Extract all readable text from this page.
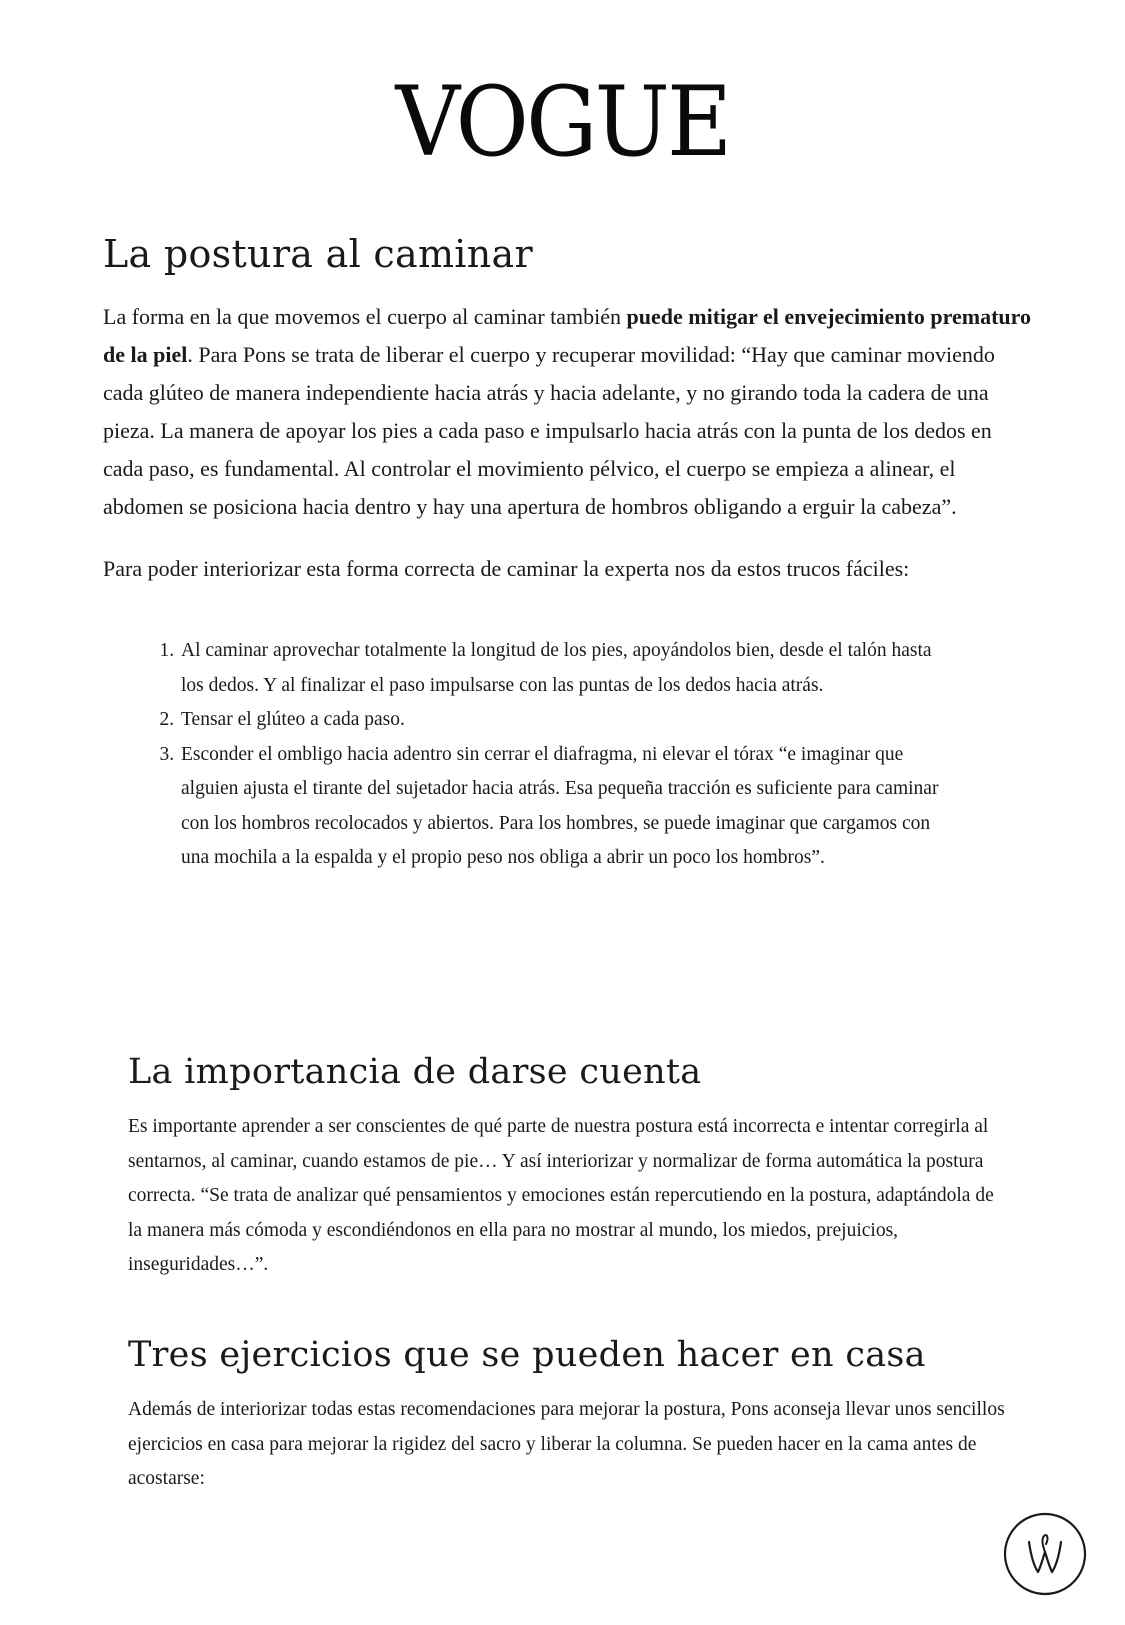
VOGUE
La postura al caminar

La forma en la que movemos el cuerpo al caminar también puede mitigar el envejecimiento prematuro de la piel. Para Pons se trata de liberar el cuerpo y recuperar movilidad: “Hay que caminar moviendo cada glúteo de manera independiente hacia atrás y hacia adelante, y no girando toda la cadera de una pieza. La manera de apoyar los pies a cada paso e impulsarlo hacia atrás con la punta de los dedos en cada paso, es fundamental. Al controlar el movimiento pélvico, el cuerpo se empieza a alinear, el abdomen se posiciona hacia dentro y hay una apertura de hombros obligando a erguir la cabeza”.

Para poder interiorizar esta forma correcta de caminar la experta nos da estos trucos fáciles:

1. Al caminar aprovechar totalmente la longitud de los pies, apoyándolos bien, desde el talón hasta los dedos. Y al finalizar el paso impulsarse con las puntas de los dedos hacia atrás.
2. Tensar el glúteo a cada paso.
3. Esconder el ombligo hacia adentro sin cerrar el diafragma, ni elevar el tórax “e imaginar que alguien ajusta el tirante del sujetador hacia atrás. Esa pequeña tracción es suficiente para caminar con los hombros recolocados y abiertos. Para los hombres, se puede imaginar que cargamos con una mochila a la espalda y el propio peso nos obliga a abrir un poco los hombros”.
La importancia de darse cuenta

Es importante aprender a ser conscientes de qué parte de nuestra postura está incorrecta e intentar corregirla al sentarnos, al caminar, cuando estamos de pie… Y así interiorizar y normalizar de forma automática la postura correcta. “Se trata de analizar qué pensamientos y emociones están repercutiendo en la postura, adaptándola de la manera más cómoda y escondiéndonos en ella para no mostrar al mundo, los miedos, prejuicios, inseguridades…”.

Tres ejercicios que se pueden hacer en casa

Además de interiorizar todas estas recomendaciones para mejorar la postura, Pons aconseja llevar unos sencillos ejercicios en casa para mejorar la rigidez del sacro y liberar la columna. Se pueden hacer en la cama antes de acostarse:
